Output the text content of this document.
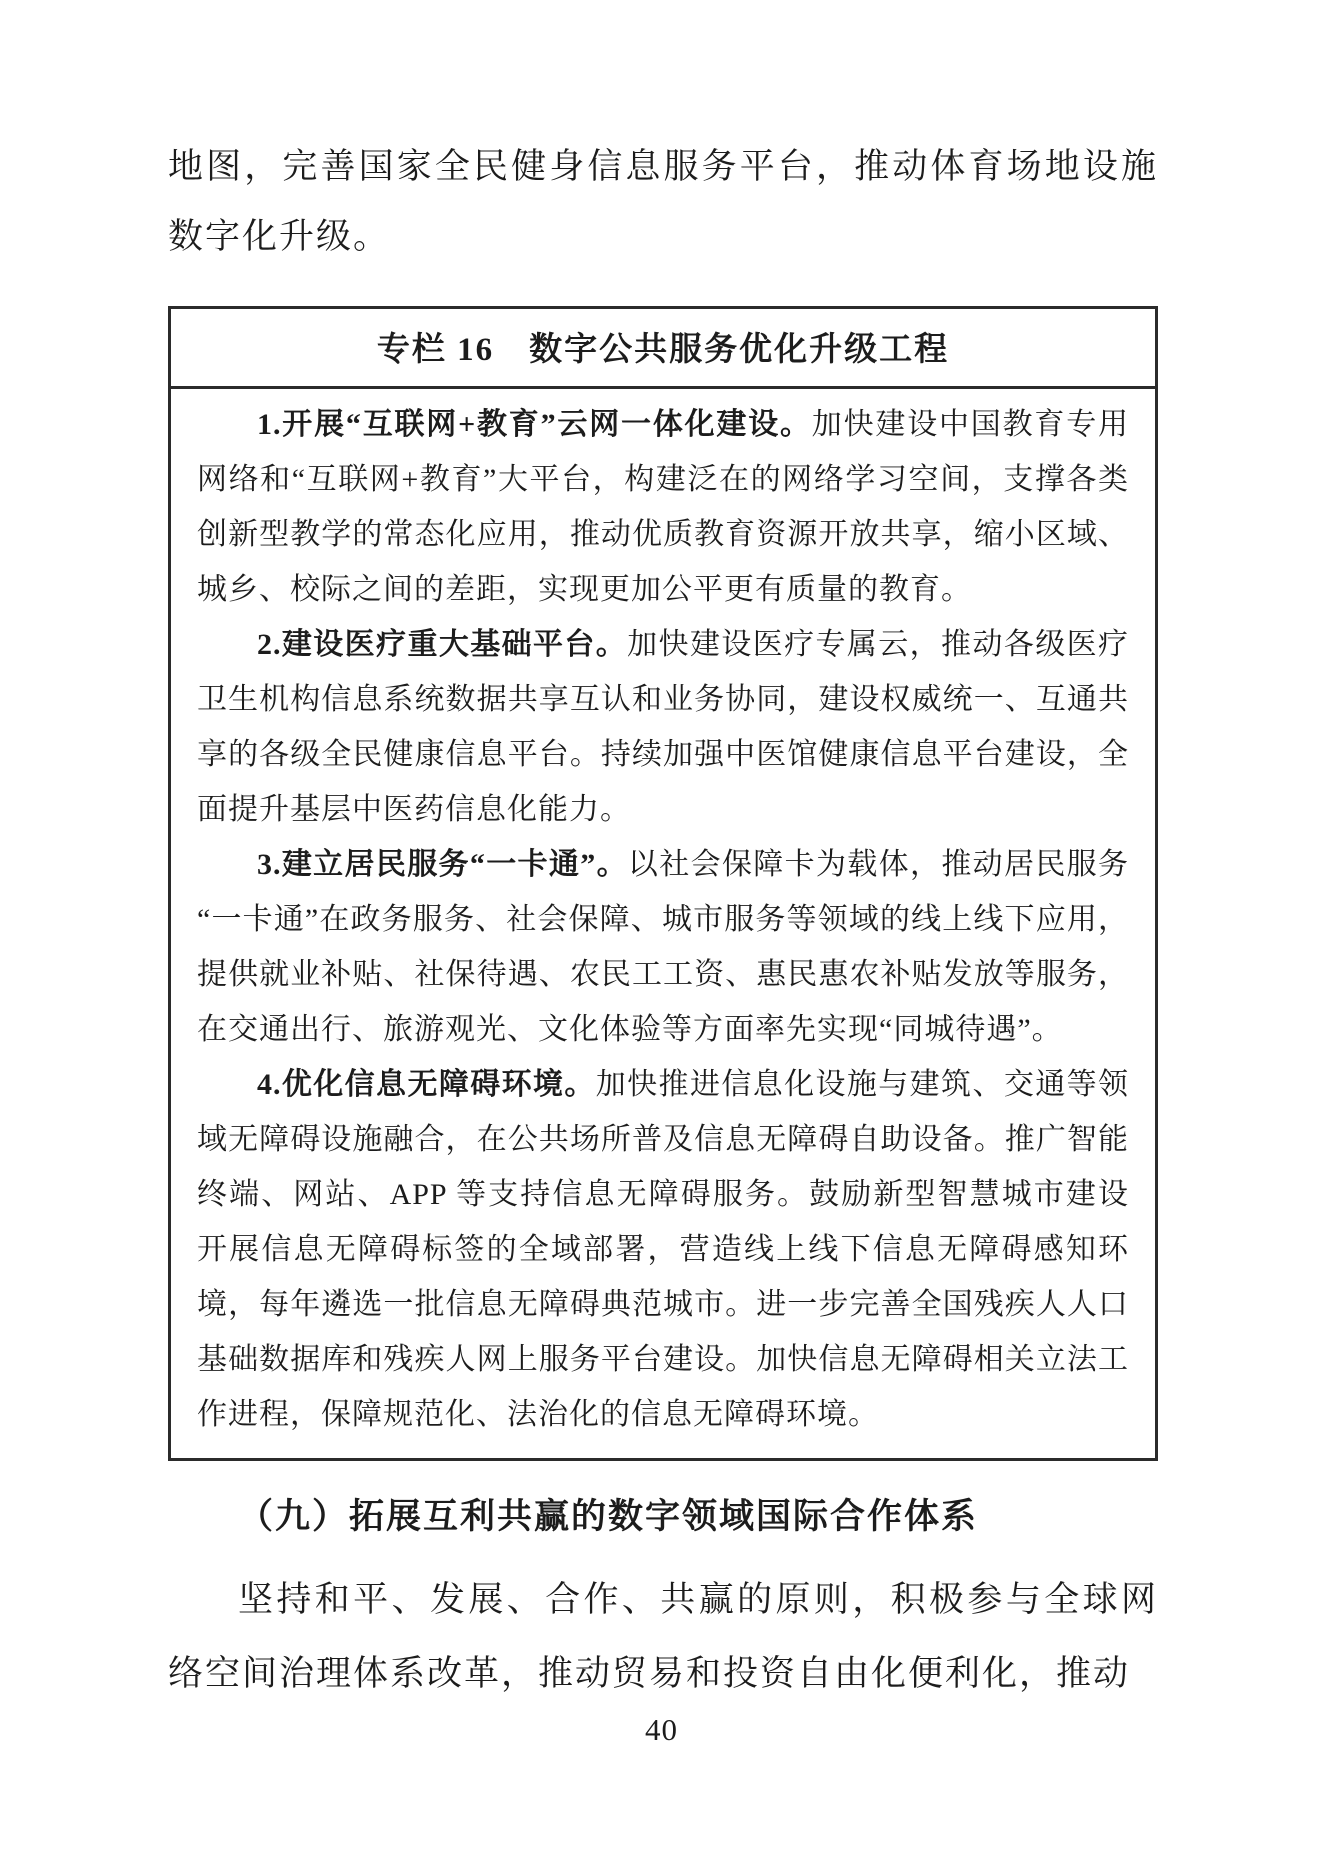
地图，完善国家全民健身信息服务平台，推动体育场地设施数字化升级。

专栏 16　数字公共服务优化升级工程

1.开展“互联网+教育”云网一体化建设。加快建设中国教育专用网络和“互联网+教育”大平台，构建泛在的网络学习空间，支撑各类创新型教学的常态化应用，推动优质教育资源开放共享，缩小区域、城乡、校际之间的差距，实现更加公平更有质量的教育。

2.建设医疗重大基础平台。加快建设医疗专属云，推动各级医疗卫生机构信息系统数据共享互认和业务协同，建设权威统一、互通共享的各级全民健康信息平台。持续加强中医馆健康信息平台建设，全面提升基层中医药信息化能力。

3.建立居民服务“一卡通”。以社会保障卡为载体，推动居民服务“一卡通”在政务服务、社会保障、城市服务等领域的线上线下应用，提供就业补贴、社保待遇、农民工工资、惠民惠农补贴发放等服务，在交通出行、旅游观光、文化体验等方面率先实现“同城待遇”。

4.优化信息无障碍环境。加快推进信息化设施与建筑、交通等领域无障碍设施融合，在公共场所普及信息无障碍自助设备。推广智能终端、网站、APP 等支持信息无障碍服务。鼓励新型智慧城市建设开展信息无障碍标签的全域部署，营造线上线下信息无障碍感知环境，每年遴选一批信息无障碍典范城市。进一步完善全国残疾人人口基础数据库和残疾人网上服务平台建设。加快信息无障碍相关立法工作进程，保障规范化、法治化的信息无障碍环境。

（九）拓展互利共赢的数字领域国际合作体系

坚持和平、发展、合作、共赢的原则，积极参与全球网络空间治理体系改革，推动贸易和投资自由化便利化，推动

40
